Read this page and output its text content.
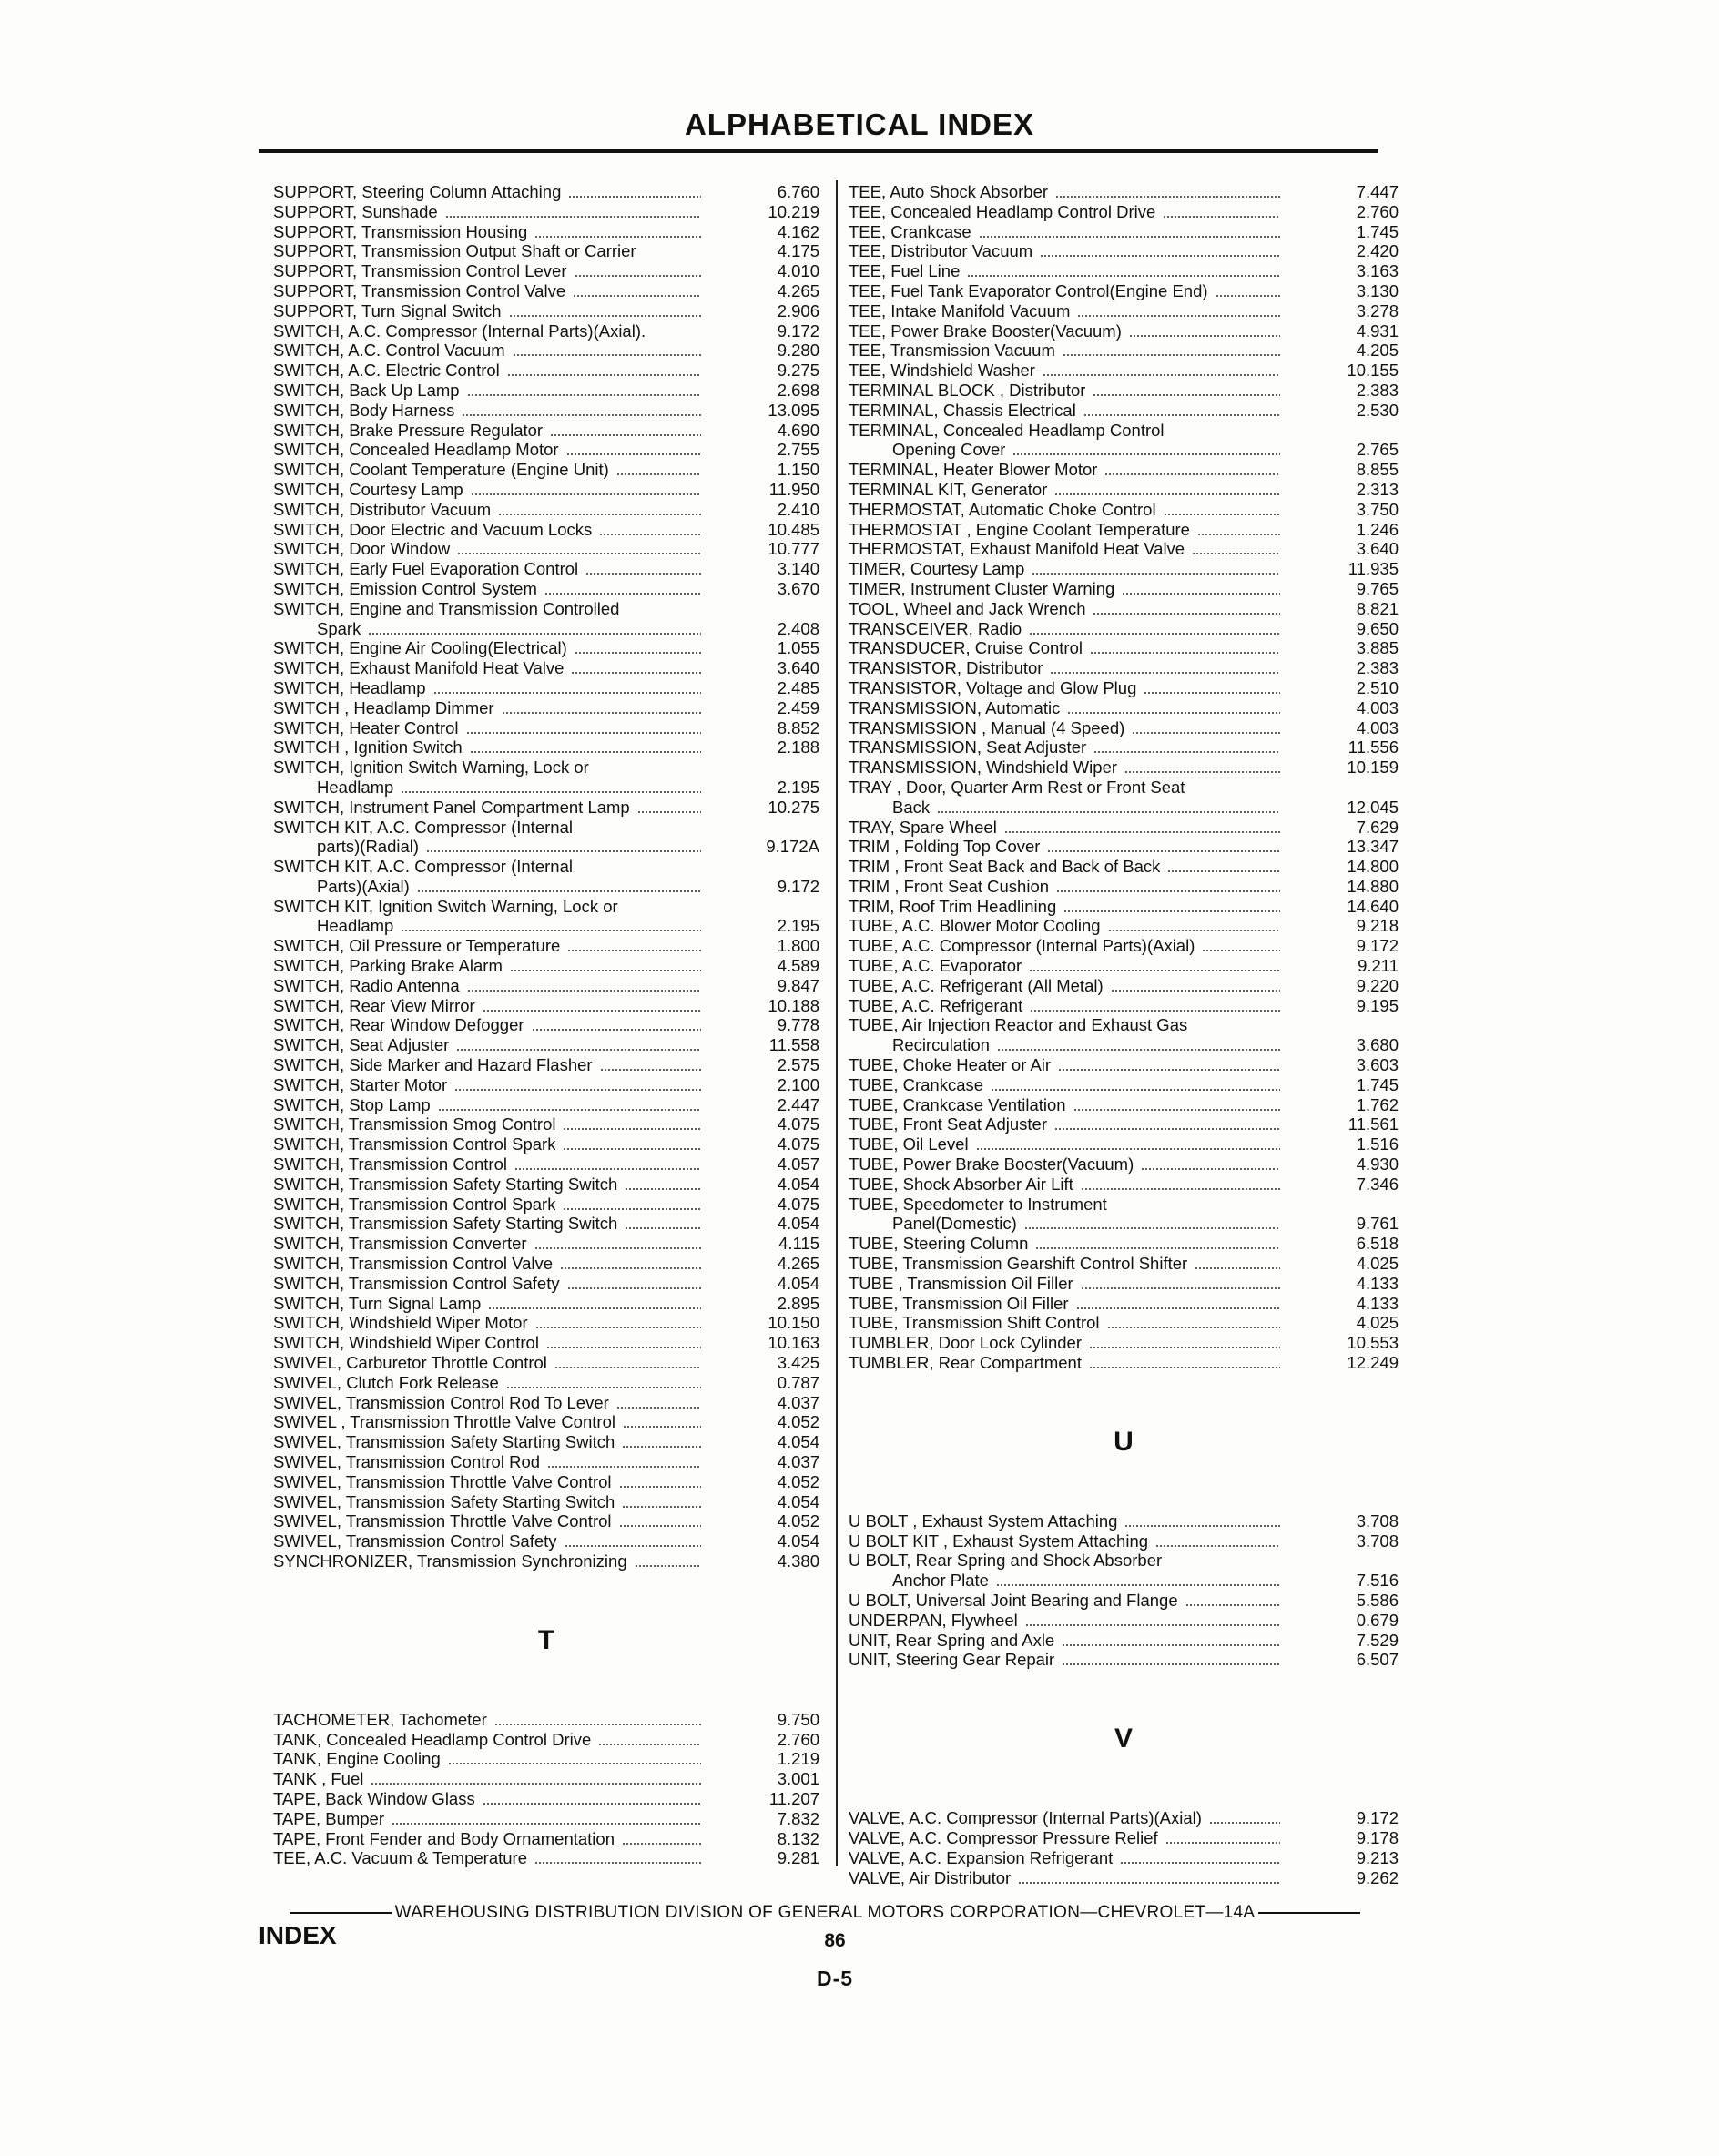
ALPHABETICAL INDEX
SUPPORT, Steering Column Attaching	6.760
SUPPORT, Sunshade	10.219
SUPPORT, Transmission Housing	4.162
SUPPORT, Transmission Output Shaft or Carrier	4.175
SUPPORT, Transmission Control Lever	4.010
SUPPORT, Transmission Control Valve	4.265
SUPPORT, Turn Signal Switch	2.906
SWITCH, A.C. Compressor (Internal Parts)(Axial).	9.172
SWITCH, A.C. Control Vacuum	9.280
SWITCH, A.C. Electric Control	9.275
SWITCH, Back Up Lamp	2.698
SWITCH, Body Harness	13.095
SWITCH, Brake Pressure Regulator	4.690
SWITCH, Concealed Headlamp Motor	2.755
SWITCH, Coolant Temperature (Engine Unit)	1.150
SWITCH, Courtesy Lamp	11.950
SWITCH, Distributor Vacuum	2.410
SWITCH, Door Electric and Vacuum Locks	10.485
SWITCH, Door Window	10.777
SWITCH, Early Fuel Evaporation Control	3.140
SWITCH, Emission Control System	3.670
SWITCH, Engine and Transmission Controlled
Spark	2.408
SWITCH, Engine Air Cooling(Electrical)	1.055
SWITCH, Exhaust Manifold Heat Valve	3.640
SWITCH, Headlamp	2.485
SWITCH , Headlamp Dimmer	2.459
SWITCH, Heater Control	8.852
SWITCH , Ignition Switch	2.188
SWITCH, Ignition Switch Warning, Lock or
Headlamp	2.195
SWITCH, Instrument Panel Compartment Lamp	10.275
SWITCH KIT, A.C. Compressor (Internal
parts)(Radial)	9.172A
SWITCH KIT, A.C. Compressor (Internal
Parts)(Axial)	9.172
SWITCH KIT, Ignition Switch Warning, Lock or
Headlamp	2.195
SWITCH, Oil Pressure or Temperature	1.800
SWITCH, Parking Brake Alarm	4.589
SWITCH, Radio Antenna	9.847
SWITCH, Rear View Mirror	10.188
SWITCH, Rear Window Defogger	9.778
SWITCH, Seat Adjuster	11.558
SWITCH, Side Marker and Hazard Flasher	2.575
SWITCH, Starter Motor	2.100
SWITCH, Stop Lamp	2.447
SWITCH, Transmission Smog Control	4.075
SWITCH, Transmission Control Spark	4.075
SWITCH, Transmission Control	4.057
SWITCH, Transmission Safety Starting Switch	4.054
SWITCH, Transmission Control Spark	4.075
SWITCH, Transmission Safety Starting Switch	4.054
SWITCH, Transmission Converter	4.115
SWITCH, Transmission Control Valve	4.265
SWITCH, Transmission Control Safety	4.054
SWITCH, Turn Signal Lamp	2.895
SWITCH, Windshield Wiper Motor	10.150
SWITCH, Windshield Wiper Control	10.163
SWIVEL, Carburetor Throttle Control	3.425
SWIVEL, Clutch Fork Release	0.787
SWIVEL, Transmission Control Rod To Lever	4.037
SWIVEL , Transmission Throttle Valve Control	4.052
SWIVEL, Transmission Safety Starting Switch	4.054
SWIVEL, Transmission Control Rod	4.037
SWIVEL, Transmission Throttle Valve Control	4.052
SWIVEL, Transmission Safety Starting Switch	4.054
SWIVEL, Transmission Throttle Valve Control	4.052
SWIVEL, Transmission Control Safety	4.054
SYNCHRONIZER, Transmission Synchronizing	4.380
T
TACHOMETER, Tachometer	9.750
TANK, Concealed Headlamp Control Drive	2.760
TANK, Engine Cooling	1.219
TANK , Fuel	3.001
TAPE, Back Window Glass	11.207
TAPE, Bumper	7.832
TAPE, Front Fender and Body Ornamentation	8.132
TEE, A.C. Vacuum & Temperature	9.281
TEE, Auto Shock Absorber	7.447
TEE, Concealed Headlamp Control Drive	2.760
TEE, Crankcase	1.745
TEE, Distributor Vacuum	2.420
TEE, Fuel Line	3.163
TEE, Fuel Tank Evaporator Control(Engine End)	3.130
TEE, Intake Manifold Vacuum	3.278
TEE, Power Brake Booster(Vacuum)	4.931
TEE, Transmission Vacuum	4.205
TEE, Windshield Washer	10.155
TERMINAL BLOCK , Distributor	2.383
TERMINAL, Chassis Electrical	2.530
TERMINAL, Concealed Headlamp Control
Opening Cover	2.765
TERMINAL, Heater Blower Motor	8.855
TERMINAL KIT, Generator	2.313
THERMOSTAT, Automatic Choke Control	3.750
THERMOSTAT , Engine Coolant Temperature	1.246
THERMOSTAT, Exhaust Manifold Heat Valve	3.640
TIMER, Courtesy Lamp	11.935
TIMER, Instrument Cluster Warning	9.765
TOOL, Wheel and Jack Wrench	8.821
TRANSCEIVER, Radio	9.650
TRANSDUCER, Cruise Control	3.885
TRANSISTOR, Distributor	2.383
TRANSISTOR, Voltage and Glow Plug	2.510
TRANSMISSION, Automatic	4.003
TRANSMISSION , Manual (4 Speed)	4.003
TRANSMISSION, Seat Adjuster	11.556
TRANSMISSION, Windshield Wiper	10.159
TRAY , Door, Quarter Arm Rest or Front Seat
Back	12.045
TRAY, Spare Wheel	7.629
TRIM , Folding Top Cover	13.347
TRIM , Front Seat Back and Back of Back	14.800
TRIM , Front Seat Cushion	14.880
TRIM, Roof Trim Headlining	14.640
TUBE, A.C. Blower Motor Cooling	9.218
TUBE, A.C. Compressor (Internal Parts)(Axial)	9.172
TUBE, A.C. Evaporator	9.211
TUBE, A.C. Refrigerant (All Metal)	9.220
TUBE, A.C. Refrigerant	9.195
TUBE, Air Injection Reactor and Exhaust Gas
Recirculation	3.680
TUBE, Choke Heater or Air	3.603
TUBE, Crankcase	1.745
TUBE, Crankcase Ventilation	1.762
TUBE, Front Seat Adjuster	11.561
TUBE, Oil Level	1.516
TUBE, Power Brake Booster(Vacuum)	4.930
TUBE, Shock Absorber Air Lift	7.346
TUBE, Speedometer to Instrument
Panel(Domestic)	9.761
TUBE, Steering Column	6.518
TUBE, Transmission Gearshift Control Shifter	4.025
TUBE , Transmission Oil Filler	4.133
TUBE, Transmission Oil Filler	4.133
TUBE, Transmission Shift Control	4.025
TUMBLER, Door Lock Cylinder	10.553
TUMBLER, Rear Compartment	12.249
U
U BOLT , Exhaust System Attaching	3.708
U BOLT KIT , Exhaust System Attaching	3.708
U BOLT, Rear Spring and Shock Absorber
Anchor Plate	7.516
U BOLT, Universal Joint Bearing and Flange	5.586
UNDERPAN, Flywheel	0.679
UNIT, Rear Spring and Axle	7.529
UNIT, Steering Gear Repair	6.507
V
VALVE, A.C. Compressor (Internal Parts)(Axial)	9.172
VALVE, A.C. Compressor Pressure Relief	9.178
VALVE, A.C. Expansion Refrigerant	9.213
VALVE, Air Distributor	9.262
WAREHOUSING DISTRIBUTION DIVISION OF GENERAL MOTORS CORPORATION—CHEVROLET—14A
INDEX	86
D-5
